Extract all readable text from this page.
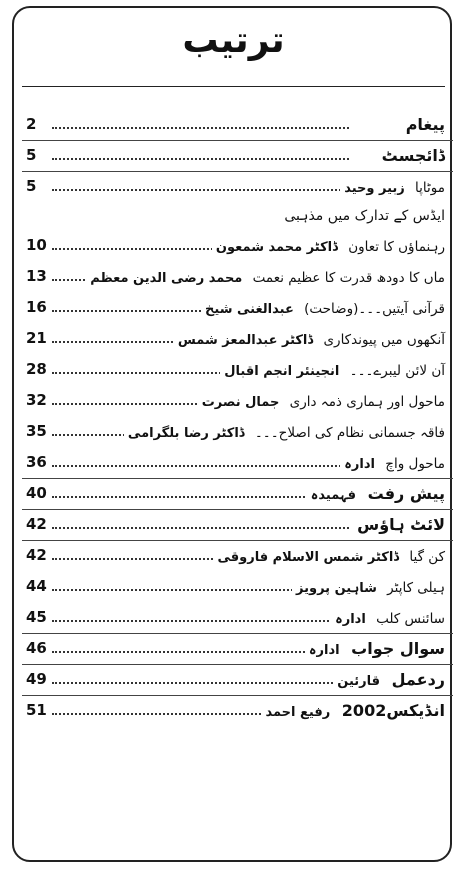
ترتیب
2	پیغام
5	ڈائجسٹ
5	موٹاپا زبیر وحید
ایڈس کے تدارک میں مذہبی
10	رہنماؤں کا تعاون ڈاکٹر محمد شمعون
13	ماں کا دودھ قدرت کا عظیم نعمت محمد رضی الدین معظم
16	قرآنی آیتیں۔۔۔(وضاحت) عبدالغنی شیخ
21	آنکھوں میں پیوندکاری ڈاکٹر عبدالمعز شمس
28	آن لائن لیبرے۔۔۔ انجینئر انجم اقبال
32	ماحول اور ہماری ذمہ داری جمال نصرت
35	فاقہ جسمانی نظام کی اصلاح۔۔۔ ڈاکٹر رضا بلگرامی
36	ماحول واچ ادارہ
40	پیش رفت فہمیدہ
42	لائٹ ہاؤس
42	کن گیا ڈاکٹر شمس الاسلام فاروقی
44	ہیلی کاپٹر شاہین پرویز
45	سائنس کلب ادارہ
46	سوال جواب ادارہ
49	ردعمل قارئین
51	انڈیکس2002 رفیع احمد
